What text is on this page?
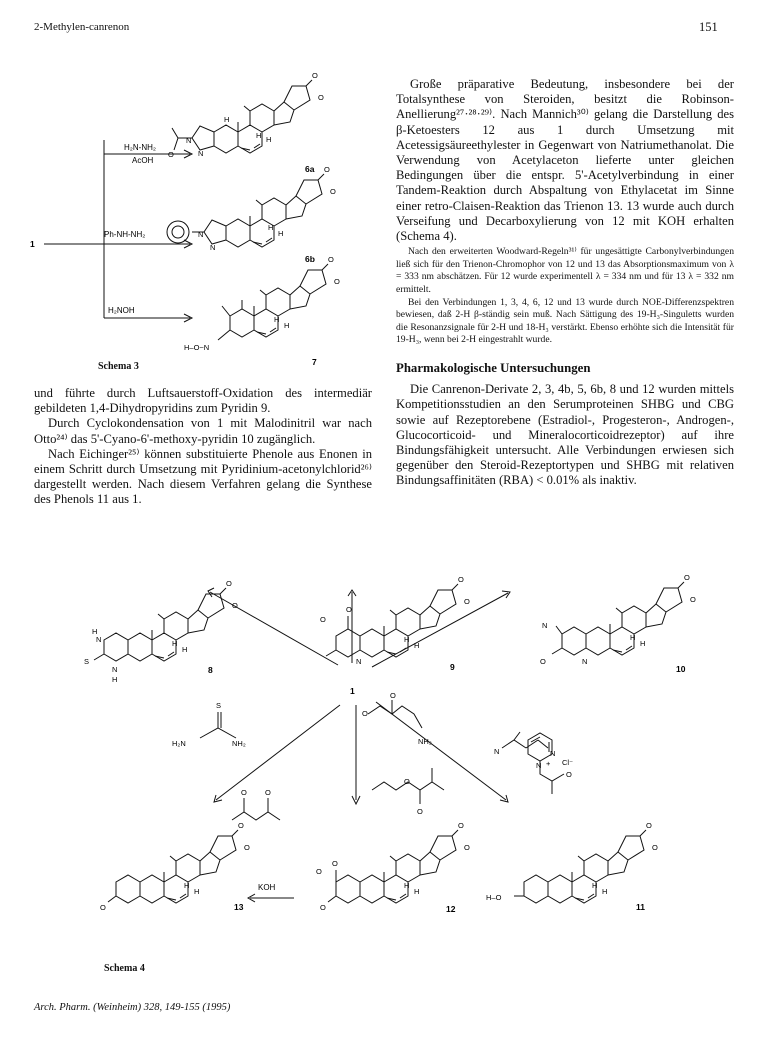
2-Methylen-canrenon	151
1
H₂N-NH₂
AcOH
Ph-NH-NH₂
H₂NOH
N
N
O
H
H H
O
O
6a
N
N
H
H
O
O
6b
H–O~N
H
H
O
O
7
1
S
H₂N	NH₂
O
O
NH₂
N	N
O O
O
O
N + Cl⁻
O
N
H
N
H
S
H
H
O
O
8
O
O
N
H
H
O
O
9
N
O	N
H
H
O
O
10
H–O
H
H
O
O
11
O
O
O
H
H
O
O
12
O
H
H
O
O
13
KOH
Schema 3

und führte durch Luftsauerstoff-Oxidation des intermediär gebildeten 1,4-Dihydropyridins zum Pyridin 9.

Durch Cyclokondensation von 1 mit Malodinitril war nach Otto²⁴⁾ das 5'-Cyano-6'-methoxy-pyridin 10 zugänglich.

Nach Eichinger²⁵⁾ können substituierte Phenole aus Enonen in einem Schritt durch Umsetzung mit Pyridinium-acetonylchlorid²⁶⁾ dargestellt werden. Nach diesem Verfahren gelang die Synthese des Phenols 11 aus 1.

Große präparative Bedeutung, insbesondere bei der Totalsynthese von Steroiden, besitzt die Robinson-Anellierung²⁷·²⁸·²⁹⁾. Nach Mannich³⁰⁾ gelang die Darstellung des β-Ketoesters 12 aus 1 durch Umsetzung mit Acetessigsäureethylester in Gegenwart von Natriumethanolat. Die Verwendung von Acetylaceton lieferte unter gleichen Bedingungen über die entspr. 5'-Acetylverbindung in einer Tandem-Reaktion durch Abspaltung von Ethylacetat im Sinne einer retro-Claisen-Reaktion das Trienon 13. 13 wurde auch durch Verseifung und Decarboxylierung von 12 mit KOH erhalten (Schema 4).

Nach den erweiterten Woodward-Regeln³¹⁾ für ungesättigte Carbonylverbindungen ließ sich für den Trienon-Chromophor von 12 und 13 das Absorptionsmaximum von λ = 333 nm abschätzen. Für 12 wurde experimentell λ = 334 nm und für 13 λ = 332 nm ermittelt.

Bei den Verbindungen 1, 3, 4, 6, 12 und 13 wurde durch NOE-Differenzspektren bewiesen, daß 2-H β-ständig sein muß. Nach Sättigung des 19-H₃-Singuletts wurden die Resonanzsignale für 2-H und 18-H₃ verstärkt. Ebenso erhöhte sich die Intensität für 19-H₃, wenn bei 2-H eingestrahlt wurde.

Pharmakologische Untersuchungen

Die Canrenon-Derivate 2, 3, 4b, 5, 6b, 8 und 12 wurden mittels Kompetitionsstudien an den Serumproteinen SHBG und CBG sowie auf Rezeptorebene (Estradiol-, Progesteron-, Androgen-, Glucocorticoid- und Mineralocorticoidrezeptor) auf ihre Bindungsfähigkeit untersucht. Alle Verbindungen erwiesen sich gegenüber den Steroid-Rezeptortypen und SHBG mit relativen Bindungsaffinitäten (RBA) < 0.01% als inaktiv.

Schema 4
Arch. Pharm. (Weinheim) 328, 149-155 (1995)
